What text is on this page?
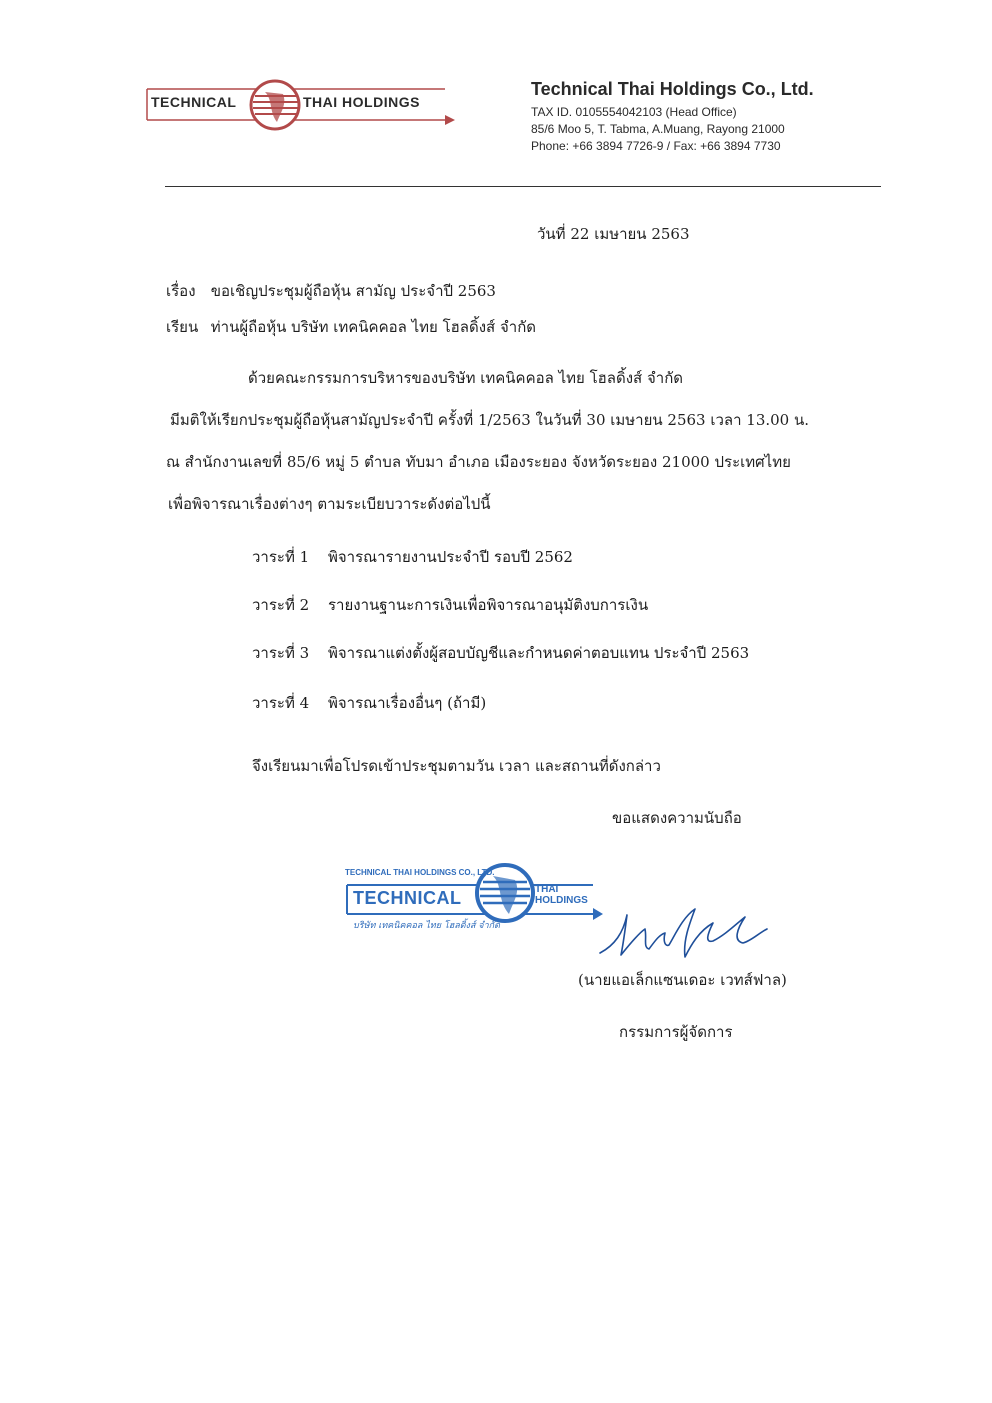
TECHNICAL	THAI HOLDINGS
Technical Thai Holdings Co., Ltd.
TAX ID. 0105554042103 (Head Office)
85/6 Moo 5, T. Tabma, A.Muang, Rayong 21000
Phone: +66 3894 7726-9 / Fax: +66 3894 7730
วันที่ 22 เมษายน 2563
เรื่อง ขอเชิญประชุมผู้ถือหุ้น สามัญ ประจำปี 2563
เรียน ท่านผู้ถือหุ้น บริษัท เทคนิคคอล ไทย โฮลดิ้งส์ จำกัด
ด้วยคณะกรรมการบริหารของบริษัท เทคนิคคอล ไทย โฮลดิ้งส์ จำกัด
มีมติให้เรียกประชุมผู้ถือหุ้นสามัญประจำปี ครั้งที่ 1/2563 ในวันที่ 30 เมษายน 2563 เวลา 13.00 น.
ณ สำนักงานเลขที่ 85/6 หมู่ 5 ตำบล ทับมา อำเภอ เมืองระยอง จังหวัดระยอง 21000 ประเทศไทย
เพื่อพิจารณาเรื่องต่างๆ ตามระเบียบวาระดังต่อไปนี้
วาระที่ 1 พิจารณารายงานประจำปี รอบปี 2562
วาระที่ 2 รายงานฐานะการเงินเพื่อพิจารณาอนุมัติงบการเงิน
วาระที่ 3 พิจารณาแต่งตั้งผู้สอบบัญชีและกำหนดค่าตอบแทน ประจำปี 2563
วาระที่ 4 พิจารณาเรื่องอื่นๆ (ถ้ามี)
จึงเรียนมาเพื่อโปรดเข้าประชุมตามวัน เวลา และสถานที่ดังกล่าว
ขอแสดงความนับถือ
TECHNICAL THAI HOLDINGS CO., LTD.
TECHNICAL	THAI HOLDINGS
บริษัท เทคนิคคอล ไทย โฮลดิ้งส์ จำกัด
(นายแอเล็กแซนเดอะ เวทส์ฟาล)
กรรมการผู้จัดการ
